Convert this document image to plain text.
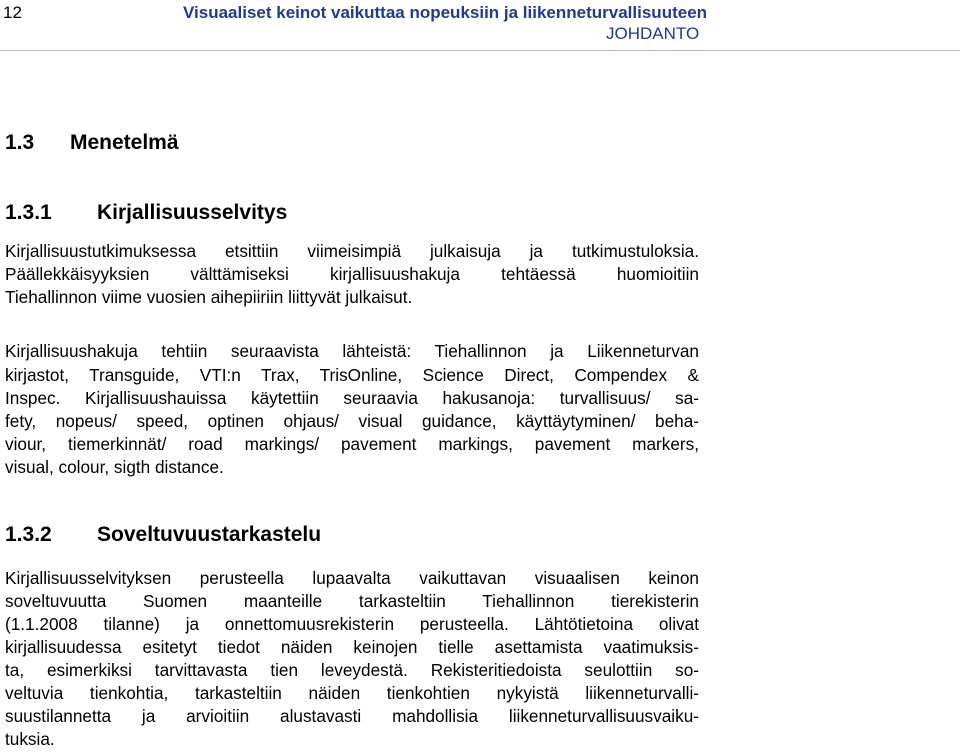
12	Visuaaliset keinot vaikuttaa nopeuksiin ja liikenneturvallisuuteen
JOHDANTO
1.3 Menetelmä
1.3.1 Kirjallisuusselvitys
Kirjallisuustutkimuksessa etsittiin viimeisimpiä julkaisuja ja tutkimustuloksia.
Päällekkäisyyksien välttämiseksi kirjallisuushakuja tehtäessä huomioitiin
Tiehallinnon viime vuosien aihepiiriin liittyvät julkaisut.
Kirjallisuushakuja tehtiin seuraavista lähteistä: Tiehallinnon ja Liikenneturvan
kirjastot, Transguide, VTI:n Trax, TrisOnline, Science Direct, Compendex &
Inspec. Kirjallisuushauissa käytettiin seuraavia hakusanoja: turvallisuus/ sa-
fety, nopeus/ speed, optinen ohjaus/ visual guidance, käyttäytyminen/ beha-
viour, tiemerkinnät/ road markings/ pavement markings, pavement markers,
visual, colour, sigth distance.
1.3.2 Soveltuvuustarkastelu
Kirjallisuusselvityksen perusteella lupaavalta vaikuttavan visuaalisen keinon
soveltuvuutta Suomen maanteille tarkasteltiin Tiehallinnon tierekisterin
(1.1.2008 tilanne) ja onnettomuusrekisterin perusteella. Lähtötietoina olivat
kirjallisuudessa esitetyt tiedot näiden keinojen tielle asettamista vaatimuksis-
ta, esimerkiksi tarvittavasta tien leveydestä. Rekisteritiedoista seulottiin so-
veltuvia tienkohtia, tarkasteltiin näiden tienkohtien nykyistä liikenneturvalli-
suustilannetta ja arvioitiin alustavasti mahdollisia liikenneturvallisuusvaiku-
tuksia.
